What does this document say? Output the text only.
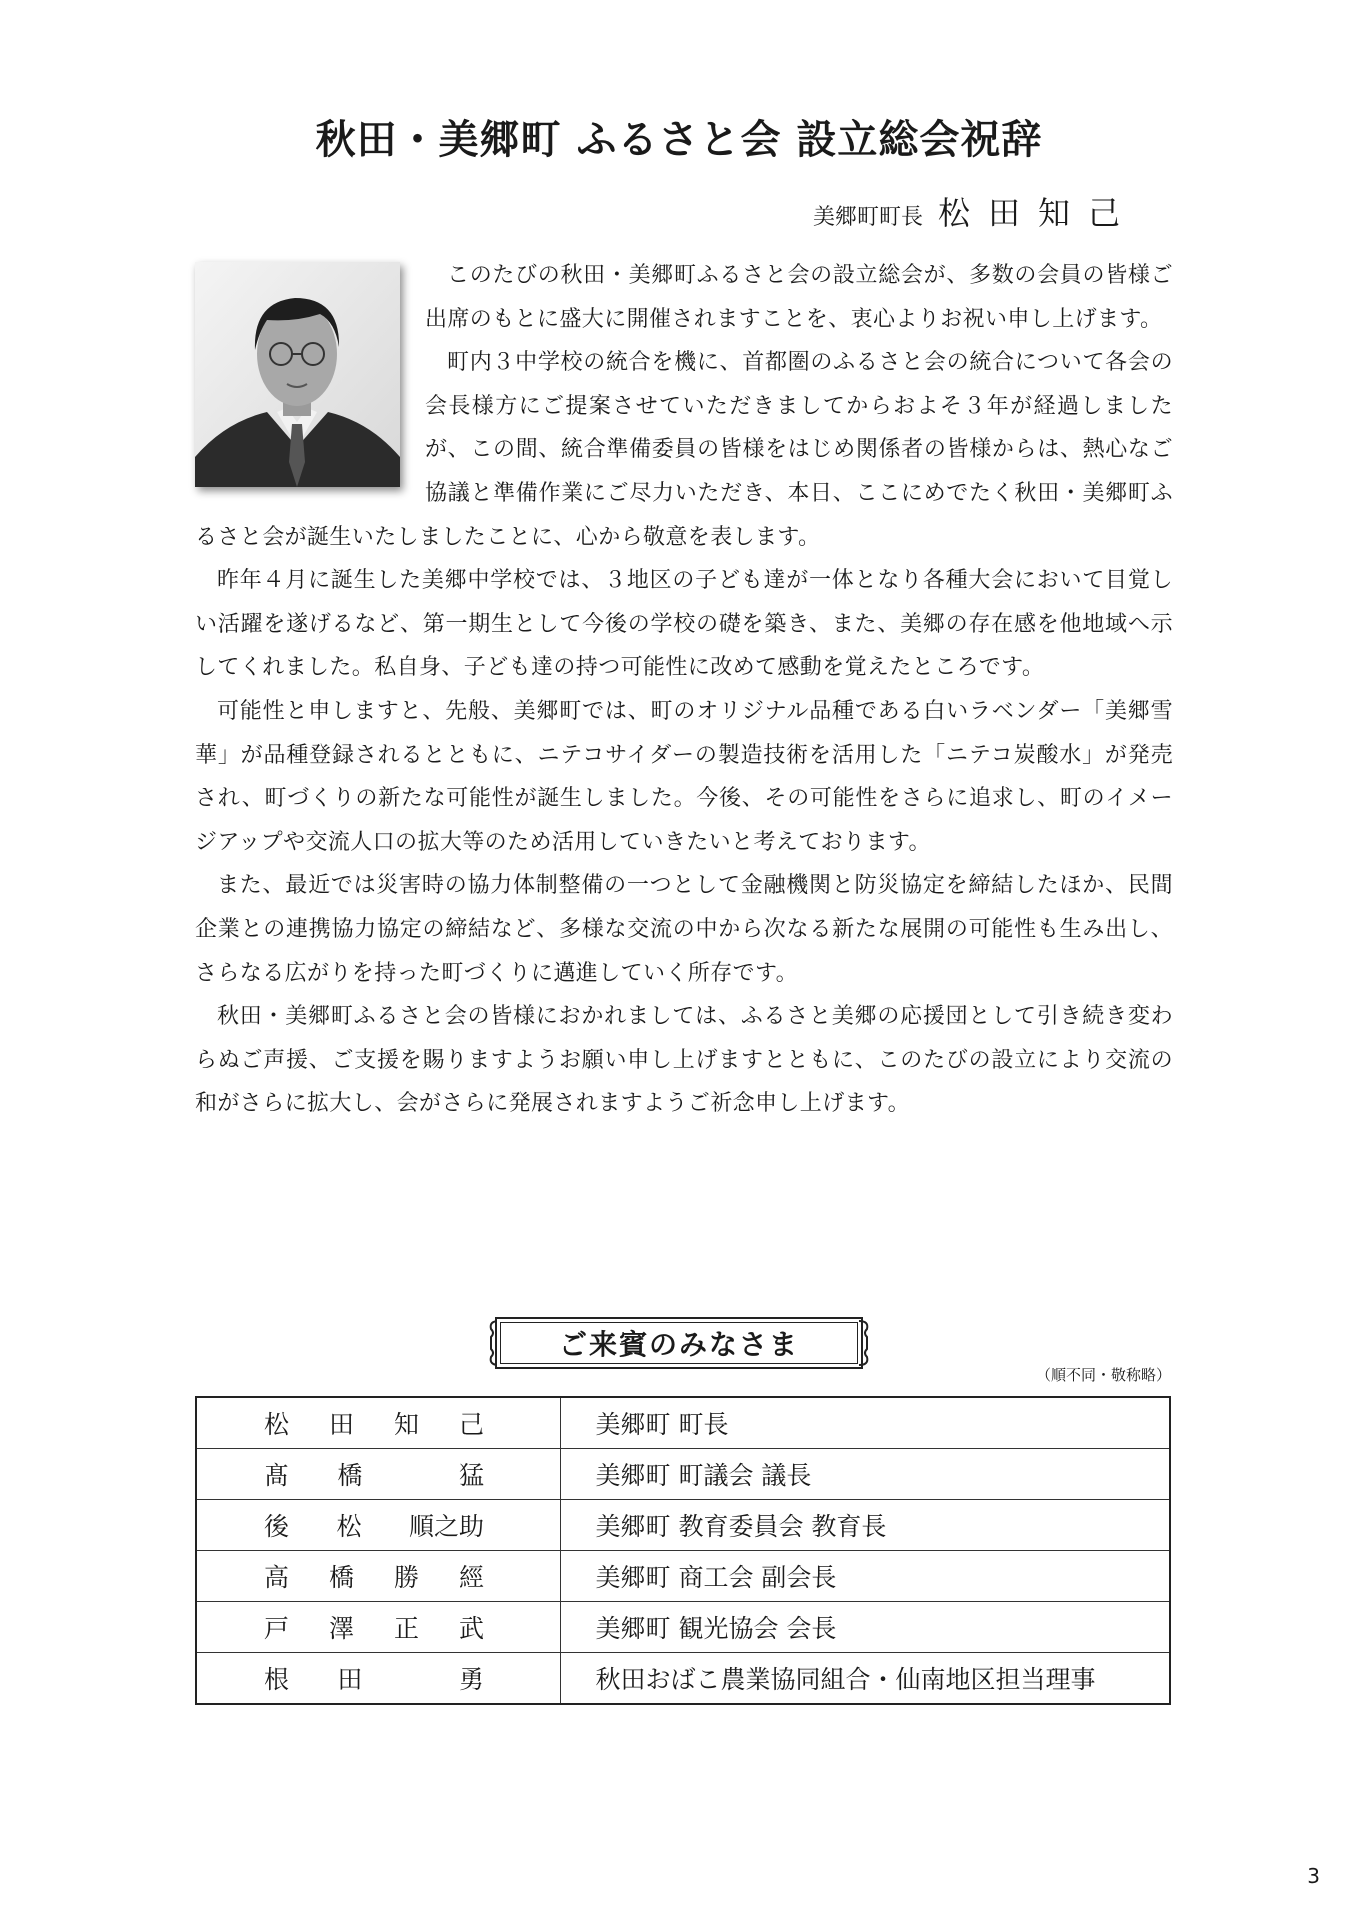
秋田・美郷町 ふるさと会 設立総会祝辞
美郷町町長 松田知己

このたびの秋田・美郷町ふるさと会の設立総会が、多数の会員の皆様ご出席のもとに盛大に開催されますことを、衷心よりお祝い申し上げます。

町内３中学校の統合を機に、首都圏のふるさと会の統合について各会の会長様方にご提案させていただきましてからおよそ３年が経過しましたが、この間、統合準備委員の皆様をはじめ関係者の皆様からは、熱心なご協議と準備作業にご尽力いただき、本日、ここにめでたく秋田・美郷町ふるさと会が誕生いたしましたことに、心から敬意を表します。

昨年４月に誕生した美郷中学校では、３地区の子ども達が一体となり各種大会において目覚しい活躍を遂げるなど、第一期生として今後の学校の礎を築き、また、美郷の存在感を他地域へ示してくれました。私自身、子ども達の持つ可能性に改めて感動を覚えたところです。

可能性と申しますと、先般、美郷町では、町のオリジナル品種である白いラベンダー「美郷雪華」が品種登録されるとともに、ニテコサイダーの製造技術を活用した「ニテコ炭酸水」が発売され、町づくりの新たな可能性が誕生しました。今後、その可能性をさらに追求し、町のイメージアップや交流人口の拡大等のため活用していきたいと考えております。

また、最近では災害時の協力体制整備の一つとして金融機関と防災協定を締結したほか、民間企業との連携協力協定の締結など、多様な交流の中から次なる新たな展開の可能性も生み出し、さらなる広がりを持った町づくりに邁進していく所存です。

秋田・美郷町ふるさと会の皆様におかれましては、ふるさと美郷の応援団として引き続き変わらぬご声援、ご支援を賜りますようお願い申し上げますとともに、このたびの設立により交流の和がさらに拡大し、会がさらに発展されますようご祈念申し上げます。

ご来賓のみなさま
（順不同・敬称略）
松 田 知 己	美郷町 町長

髙 橋 猛	美郷町 町議会 議長

後 松 順之助	美郷町 教育委員会 教育長

高 橋 勝 經	美郷町 商工会 副会長

戸 澤 正 武	美郷町 観光協会 会長

根 田 勇	秋田おばこ農業協同組合・仙南地区担当理事
3
